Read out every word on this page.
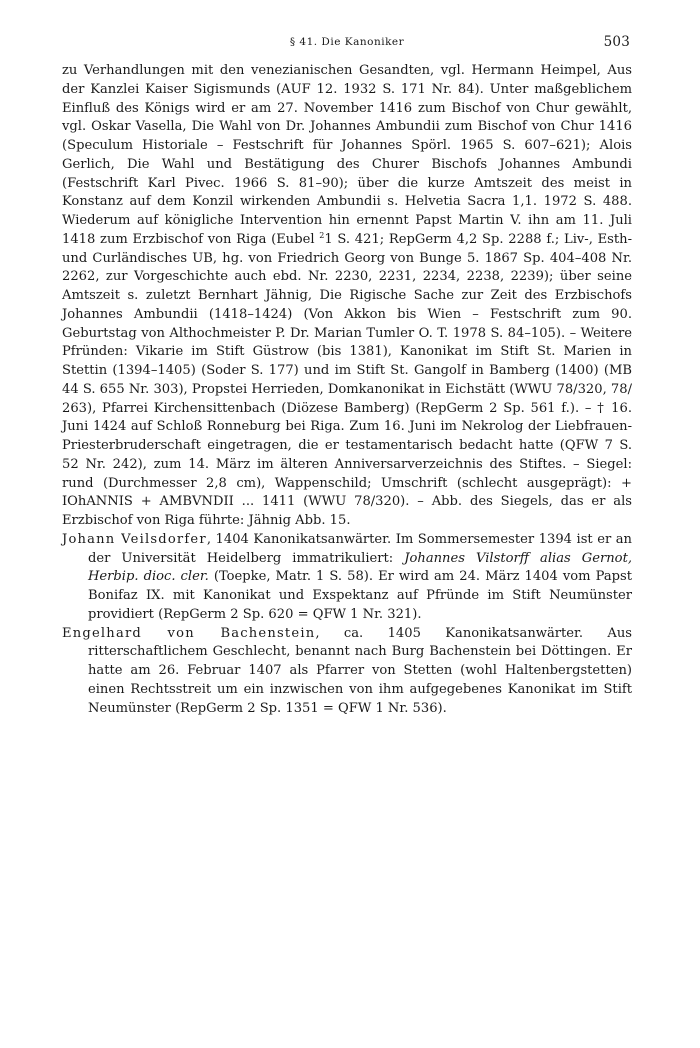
§ 41. Die Kanoniker	503

zu Verhandlungen mit den venezianischen Gesandten, vgl. Hermann Heimpel, Aus der Kanzlei Kaiser Sigismunds (AUF 12. 1932 S. 171 Nr. 84). Unter maßgeblichem Einfluß des Königs wird er am 27. November 1416 zum Bischof von Chur gewählt, vgl. Oskar Vasella, Die Wahl von Dr. Johannes Ambundii zum Bischof von Chur 1416 (Speculum Historiale – Festschrift für Johannes Spörl. 1965 S. 607–621); Alois Gerlich, Die Wahl und Bestätigung des Churer Bischofs Johannes Ambundi (Festschrift Karl Pivec. 1966 S. 81–90); über die kurze Amtszeit des meist in Konstanz auf dem Konzil wirkenden Ambundii s. Helvetia Sacra 1,1. 1972 S. 488. Wiederum auf königliche Intervention hin ernennt Papst Martin V. ihn am 11. Juli 1418 zum Erzbischof von Riga (Eubel $^2$1 S. 421; RepGerm 4,2 Sp. 2288 f.; Liv-, Esth- und Curländisches UB, hg. von Friedrich Georg von Bunge 5. 1867 Sp. 404–408 Nr. 2262, zur Vorgeschichte auch ebd. Nr. 2230, 2231, 2234, 2238, 2239); über seine Amtszeit s. zuletzt Bernhart Jähnig, Die Rigische Sache zur Zeit des Erzbischofs Johannes Ambundii (1418–1424) (Von Akkon bis Wien – Festschrift zum 90. Geburtstag von Althochmeister P. Dr. Marian Tumler O. T. 1978 S. 84–105). – Weitere Pfründen: Vikarie im Stift Güstrow (bis 1381), Kanonikat im Stift St. Marien in Stettin (1394–1405) (Soder S. 177) und im Stift St. Gangolf in Bamberg (1400) (MB 44 S. 655 Nr. 303), Propstei Herrieden, Domkanonikat in Eichstätt (WWU 78/320, 78/ 263), Pfarrei Kirchensittenbach (Diözese Bamberg) (RepGerm 2 Sp. 561 f.). – † 16. Juni 1424 auf Schloß Ronneburg bei Riga. Zum 16. Juni im Nekrolog der Liebfrauen-Priesterbruderschaft eingetragen, die er testamentarisch bedacht hatte (QFW 7 S. 52 Nr. 242), zum 14. März im älteren Anniversarverzeichnis des Stiftes. – Siegel: rund (Durchmesser 2,8 cm), Wappenschild; Umschrift (schlecht ausgeprägt): + IOhANNIS + AMBVNDII ... 1411 (WWU 78/320). – Abb. des Siegels, das er als Erzbischof von Riga führte: Jähnig Abb. 15.

Johann Veilsdorfer, 1404 Kanonikatsanwärter. Im Sommersemester 1394 ist er an der Universität Heidelberg immatrikuliert: Johannes Vilstorff alias Gernot, Herbip. dioc. cler. (Toepke, Matr. 1 S. 58). Er wird am 24. März 1404 vom Papst Bonifaz IX. mit Kanonikat und Exspektanz auf Pfründe im Stift Neumünster providiert (RepGerm 2 Sp. 620 = QFW 1 Nr. 321).

Engelhard von Bachenstein, ca. 1405 Kanonikatsanwärter. Aus ritterschaftlichem Geschlecht, benannt nach Burg Bachenstein bei Döttingen. Er hatte am 26. Februar 1407 als Pfarrer von Stetten (wohl Haltenbergstetten) einen Rechtsstreit um ein inzwischen von ihm aufgegebenes Kanonikat im Stift Neumünster (RepGerm 2 Sp. 1351 = QFW 1 Nr. 536).
